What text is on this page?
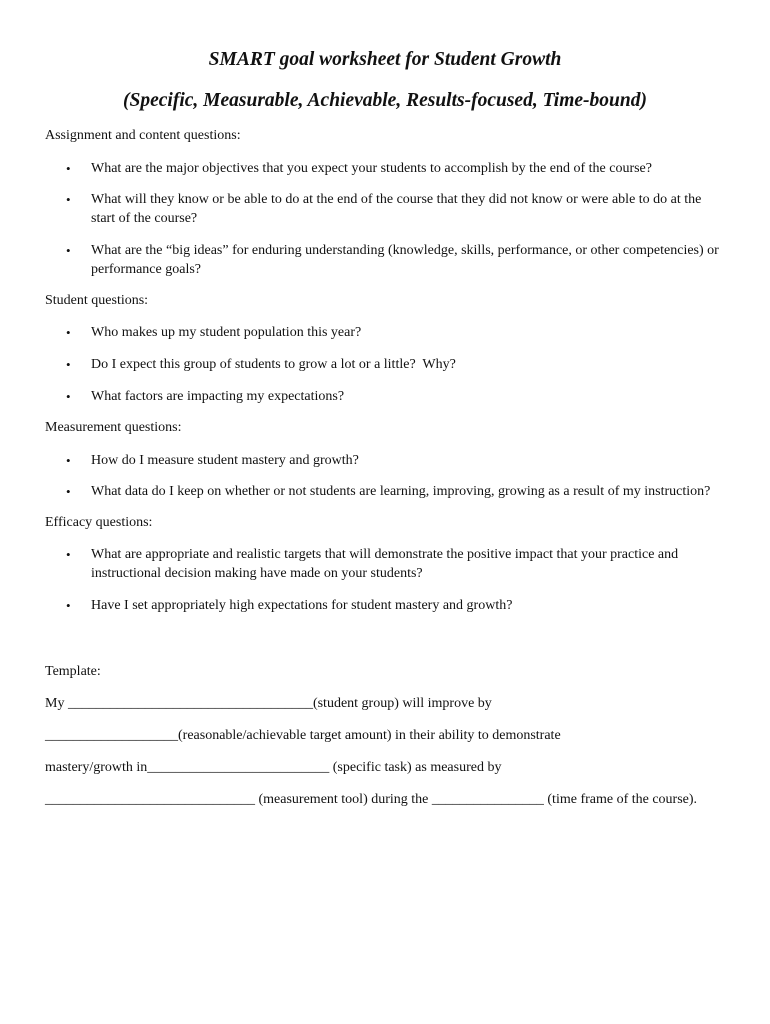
SMART goal worksheet for Student Growth
(Specific, Measurable, Achievable, Results-focused, Time-bound)

Assignment and content questions:

•	What are the major objectives that you expect your students to accomplish by the end of the course?
•	What will they know or be able to do at the end of the course that they did not know or were able to do at the start of the course?
•	What are the “big ideas” for enduring understanding (knowledge, skills, performance, or other competencies) or performance goals?

Student questions:

•	Who makes up my student population this year?
•	Do I expect this group of students to grow a lot or a little?  Why?
•	What factors are impacting my expectations?

Measurement questions:

•	How do I measure student mastery and growth?
•	What data do I keep on whether or not students are learning, improving, growing as a result of my instruction?

Efficacy questions:

•	What are appropriate and realistic targets that will demonstrate the positive impact that your practice and instructional decision making have made on your students?
•	Have I set appropriately high expectations for student mastery and growth?

Template:

My ___________________________________(student group) will improve by
___________________(reasonable/achievable target amount) in their ability to demonstrate
mastery/growth in__________________________ (specific task) as measured by
______________________________ (measurement tool) during the ________________ (time frame of the course).
